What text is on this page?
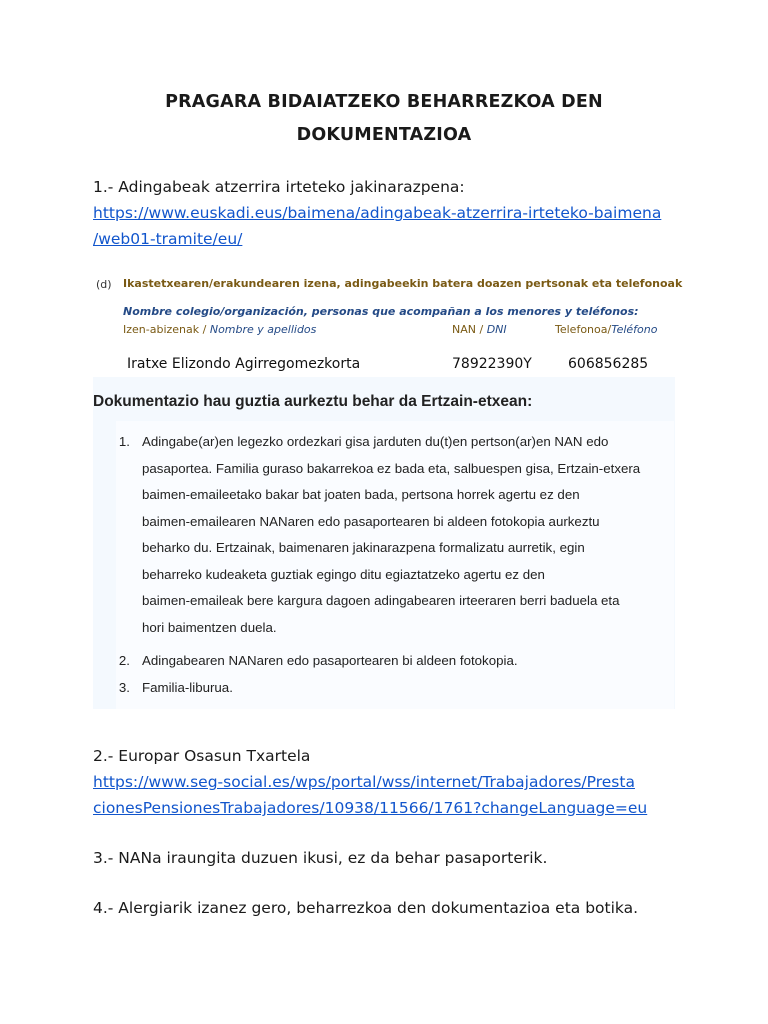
PRAGARA BIDAIATZEKO BEHARREZKOA DEN
DOKUMENTAZIOA
1.- Adingabeak atzerrira irteteko jakinarazpena:
https://www.euskadi.eus/baimena/adingabeak-atzerrira-irteteko-baimena
/web01-tramite/eu/
(d) Ikastetxearen/erakundearen izena, adingabeekin batera doazen pertsonak eta telefonoak
Nombre colegio/organización, personas que acompañan a los menores y teléfonos:
Izen-abizenak / Nombre y apellidos	NAN / DNI	Telefonoa/Teléfono
Iratxe Elizondo Agirregomezkorta	78922390Y	606856285
Dokumentazio hau guztia aurkeztu behar da Ertzain-etxean:
1. Adingabe(ar)en legezko ordezkari gisa jarduten du(t)en pertson(ar)en NAN edo
pasaportea. Familia guraso bakarrekoa ez bada eta, salbuespen gisa, Ertzain-etxera
baimen-emaileetako bakar bat joaten bada, pertsona horrek agertu ez den
baimen-emailearen NANaren edo pasaportearen bi aldeen fotokopia aurkeztu
beharko du. Ertzainak, baimenaren jakinarazpena formalizatu aurretik, egin
beharreko kudeaketa guztiak egingo ditu egiaztatzeko agertu ez den
baimen-emaileak bere kargura dagoen adingabearen irteeraren berri baduela eta
hori baimentzen duela.
2. Adingabearen NANaren edo pasaportearen bi aldeen fotokopia.
3. Familia-liburua.
2.- Europar Osasun Txartela
https://www.seg-social.es/wps/portal/wss/internet/Trabajadores/Presta
cionesPensionesTrabajadores/10938/11566/1761?changeLanguage=eu
3.- NANa iraungita duzuen ikusi, ez da behar pasaporterik.
4.- Alergiarik izanez gero, beharrezkoa den dokumentazioa eta botika.
